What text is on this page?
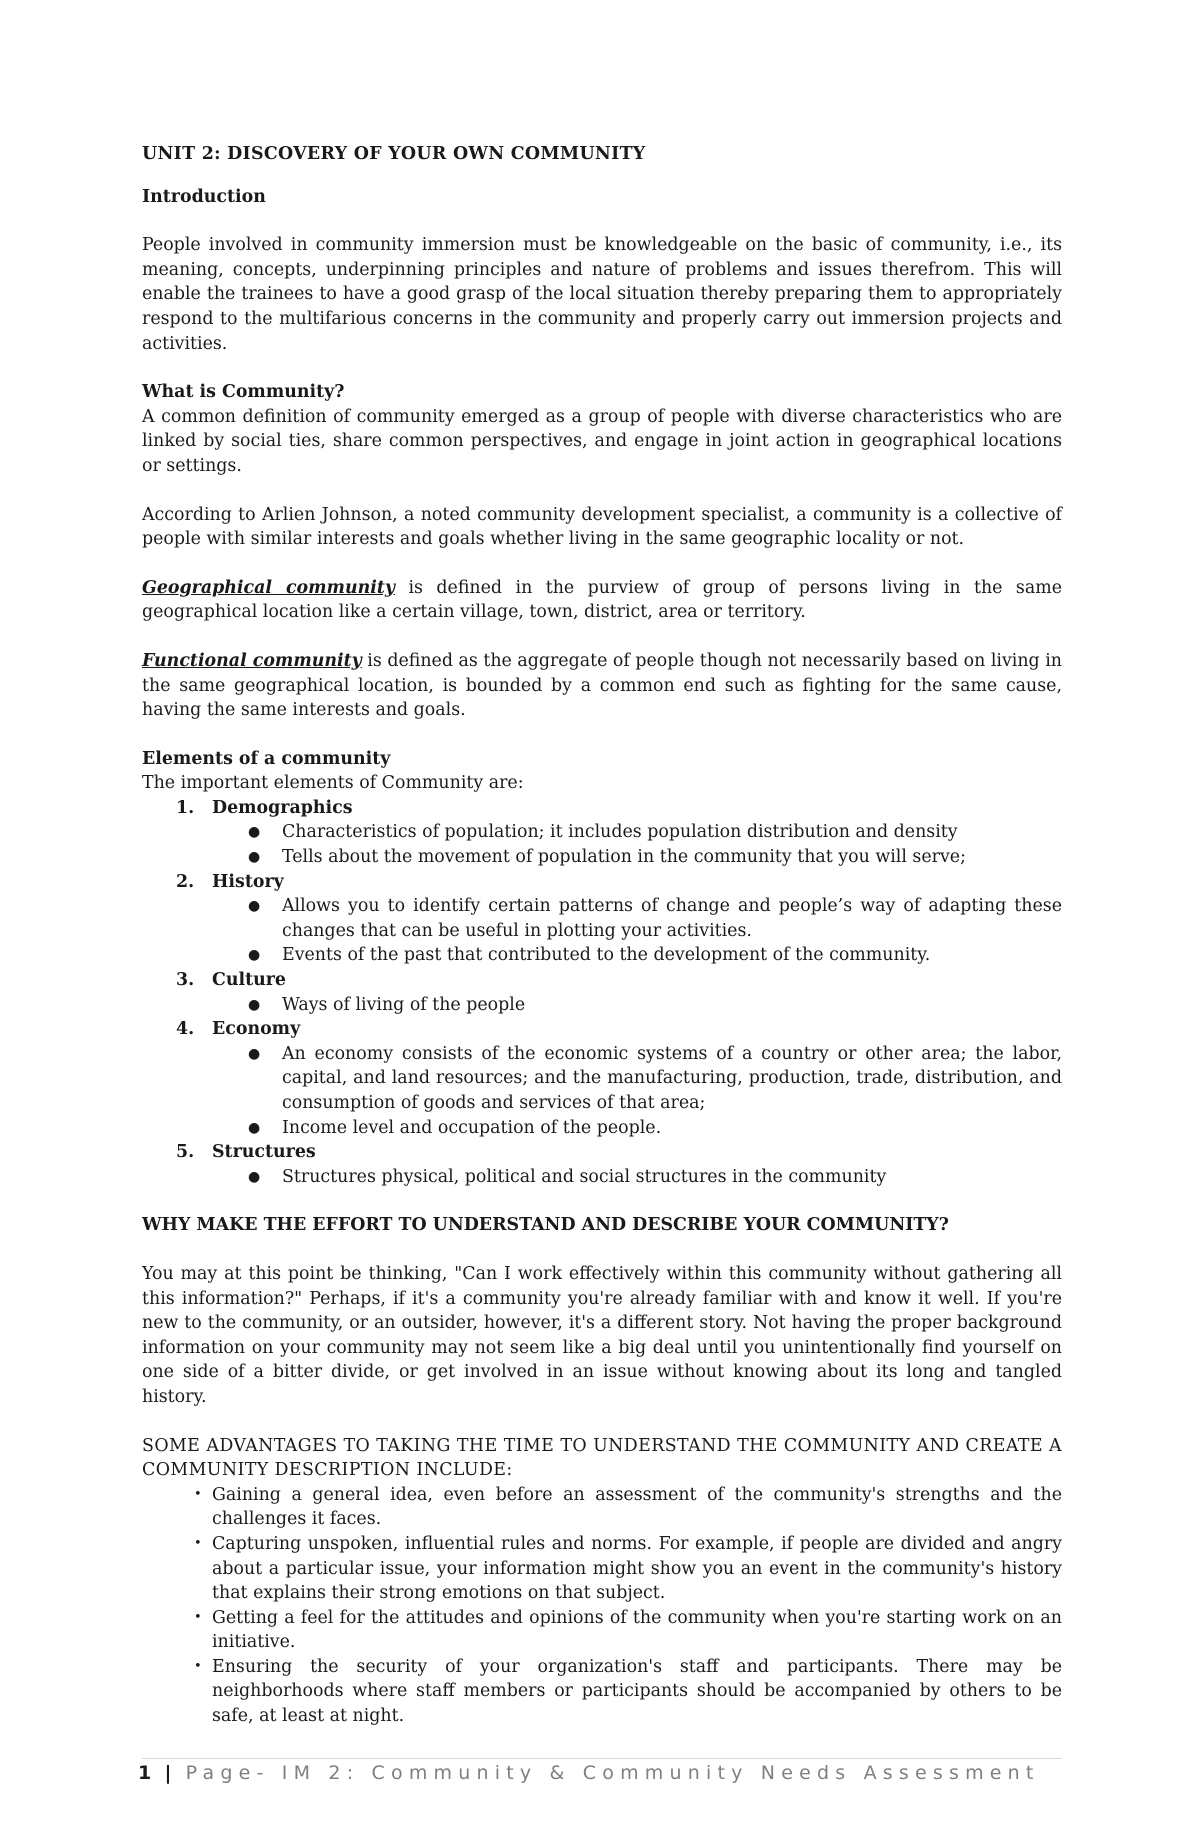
UNIT 2: DISCOVERY OF YOUR OWN COMMUNITY

Introduction

People involved in community immersion must be knowledgeable on the basic of community, i.e., its meaning, concepts, underpinning principles and nature of problems and issues therefrom. This will enable the trainees to have a good grasp of the local situation thereby preparing them to appropriately respond to the multifarious concerns in the community and properly carry out immersion projects and activities.

What is Community?

A common definition of community emerged as a group of people with diverse characteristics who are linked by social ties, share common perspectives, and engage in joint action in geographical locations or settings.

According to Arlien Johnson, a noted community development specialist, a community is a collective of people with similar interests and goals whether living in the same geographic locality or not.

Geographical community is defined in the purview of group of persons living in the same geographical location like a certain village, town, district, area or territory.

Functional community is defined as the aggregate of people though not necessarily based on living in the same geographical location, is bounded by a common end such as fighting for the same cause, having the same interests and goals.

Elements of a community

The important elements of Community are:

1. Demographics
● Characteristics of population; it includes population distribution and density
● Tells about the movement of population in the community that you will serve;
2. History
● Allows you to identify certain patterns of change and people’s way of adapting these changes that can be useful in plotting your activities.
● Events of the past that contributed to the development of the community.
3. Culture
● Ways of living of the people
4. Economy
● An economy consists of the economic systems of a country or other area; the labor, capital, and land resources; and the manufacturing, production, trade, distribution, and consumption of goods and services of that area;
● Income level and occupation of the people.
5. Structures
● Structures physical, political and social structures in the community

WHY MAKE THE EFFORT TO UNDERSTAND AND DESCRIBE YOUR COMMUNITY?

You may at this point be thinking, "Can I work effectively within this community without gathering all this information?" Perhaps, if it's a community you're already familiar with and know it well. If you're new to the community, or an outsider, however, it's a different story. Not having the proper background information on your community may not seem like a big deal until you unintentionally find yourself on one side of a bitter divide, or get involved in an issue without knowing about its long and tangled history.

SOME ADVANTAGES TO TAKING THE TIME TO UNDERSTAND THE COMMUNITY AND CREATE A COMMUNITY DESCRIPTION INCLUDE:

• Gaining a general idea, even before an assessment of the community's strengths and the challenges it faces.
• Capturing unspoken, influential rules and norms. For example, if people are divided and angry about a particular issue, your information might show you an event in the community's history that explains their strong emotions on that subject.
• Getting a feel for the attitudes and opinions of the community when you're starting work on an initiative.
• Ensuring the security of your organization's staff and participants. There may be neighborhoods where staff members or participants should be accompanied by others to be safe, at least at night.
1 | Page- IM 2: Community & Community Needs Assessment
